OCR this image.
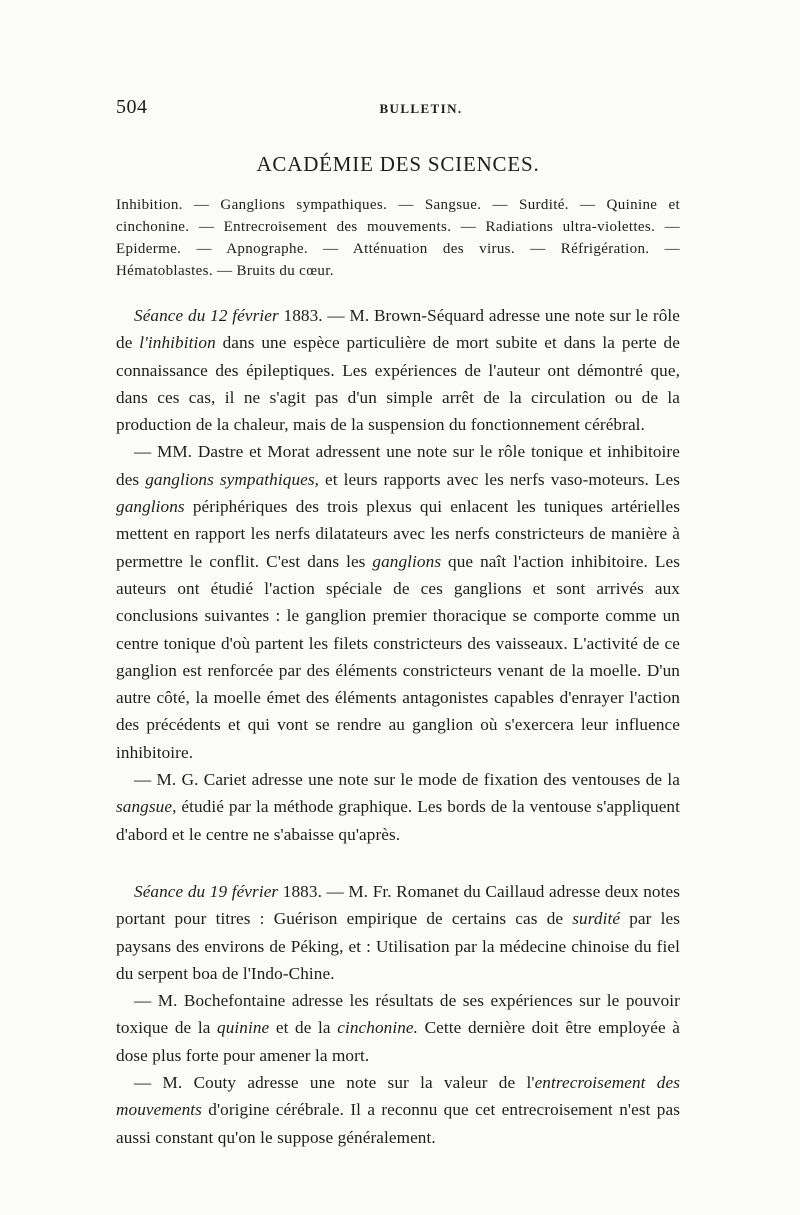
504	BULLETIN.
ACADÉMIE DES SCIENCES.
Inhibition. — Ganglions sympathiques. — Sangsue. — Surdité. — Quinine et cinchonine. — Entrecroisement des mouvements. — Radiations ultra-violettes. — Epiderme. — Apnographe. — Atténuation des virus. — Réfrigération. — Hématoblastes. — Bruits du cœur.

Séance du 12 février 1883. — M. Brown-Séquard adresse une note sur le rôle de l'inhibition dans une espèce particulière de mort subite et dans la perte de connaissance des épileptiques. Les expériences de l'auteur ont démontré que, dans ces cas, il ne s'agit pas d'un simple arrêt de la circulation ou de la production de la chaleur, mais de la suspension du fonctionnement cérébral.

— MM. Dastre et Morat adressent une note sur le rôle tonique et inhibitoire des ganglions sympathiques, et leurs rapports avec les nerfs vaso-moteurs. Les ganglions périphériques des trois plexus qui enlacent les tuniques artérielles mettent en rapport les nerfs dilatateurs avec les nerfs constricteurs de manière à permettre le conflit. C'est dans les ganglions que naît l'action inhibitoire. Les auteurs ont étudié l'action spéciale de ces ganglions et sont arrivés aux conclusions suivantes : le ganglion premier thoracique se comporte comme un centre tonique d'où partent les filets constricteurs des vaisseaux. L'activité de ce ganglion est renforcée par des éléments constricteurs venant de la moelle. D'un autre côté, la moelle émet des éléments antagonistes capables d'enrayer l'action des précédents et qui vont se rendre au ganglion où s'exercera leur influence inhibitoire.

— M. G. Cariet adresse une note sur le mode de fixation des ventouses de la sangsue, étudié par la méthode graphique. Les bords de la ventouse s'appliquent d'abord et le centre ne s'abaisse qu'après.

Séance du 19 février 1883. — M. Fr. Romanet du Caillaud adresse deux notes portant pour titres : Guérison empirique de certains cas de surdité par les paysans des environs de Péking, et : Utilisation par la médecine chinoise du fiel du serpent boa de l'Indo-Chine.

— M. Bochefontaine adresse les résultats de ses expériences sur le pouvoir toxique de la quinine et de la cinchonine. Cette dernière doit être employée à dose plus forte pour amener la mort.

— M. Couty adresse une note sur la valeur de l'entrecroisement des mouvements d'origine cérébrale. Il a reconnu que cet entrecroisement n'est pas aussi constant qu'on le suppose généralement.
